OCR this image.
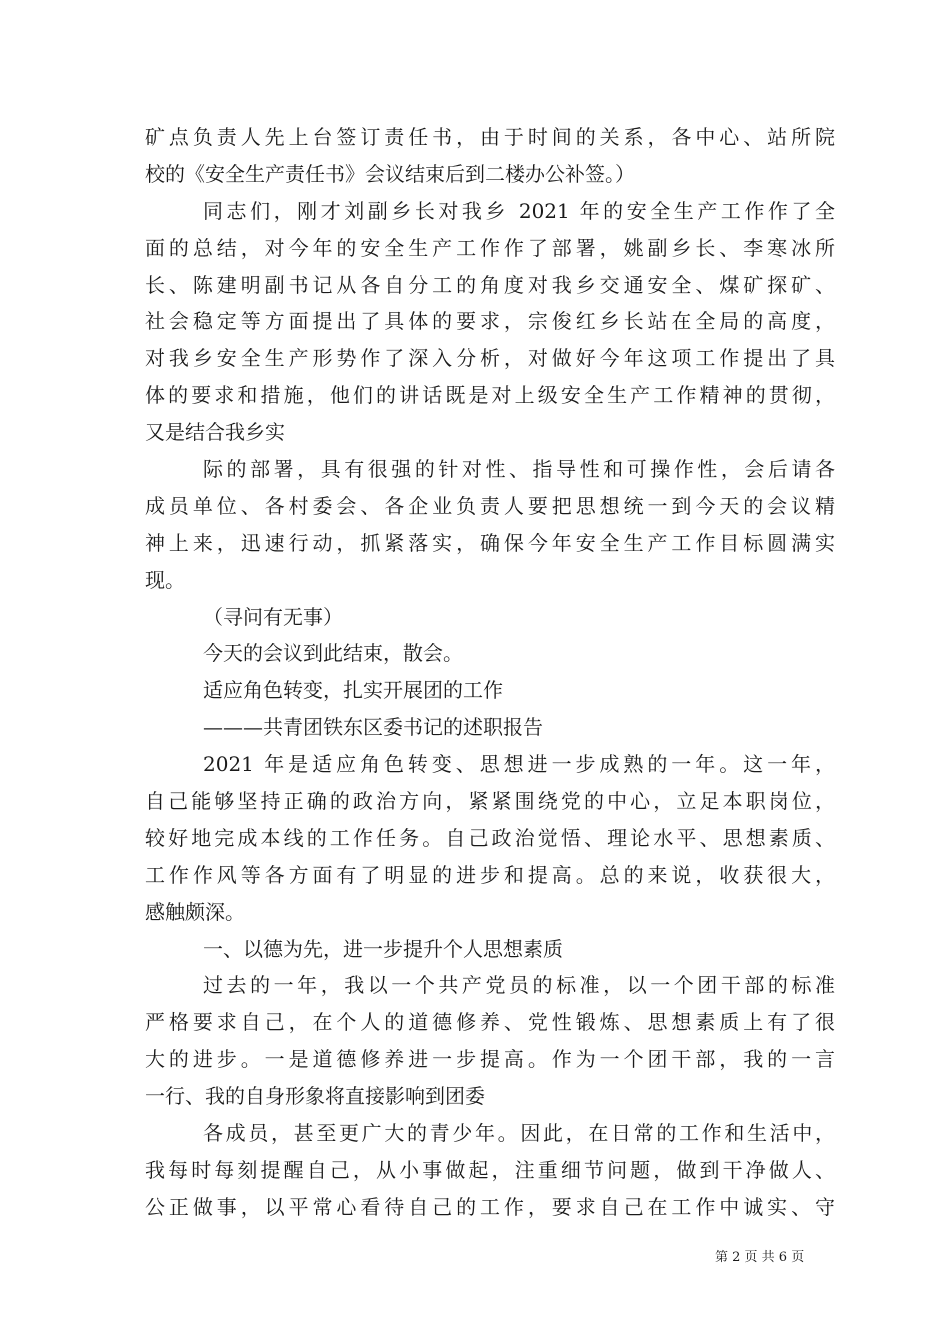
矿点负责人先上台签订责任书，由于时间的关系，各中心、站所院
校的《安全生产责任书》会议结束后到二楼办公补签。）
同志们，刚才刘副乡长对我乡 2021 年的安全生产工作作了全
面的总结，对今年的安全生产工作作了部署，姚副乡长、李寒冰所
长、陈建明副书记从各自分工的角度对我乡交通安全、煤矿探矿、
社会稳定等方面提出了具体的要求，宗俊红乡长站在全局的高度，
对我乡安全生产形势作了深入分析，对做好今年这项工作提出了具
体的要求和措施，他们的讲话既是对上级安全生产工作精神的贯彻，
又是结合我乡实
际的部署，具有很强的针对性、指导性和可操作性，会后请各
成员单位、各村委会、各企业负责人要把思想统一到今天的会议精
神上来，迅速行动，抓紧落实，确保今年安全生产工作目标圆满实
现。
（寻问有无事）
今天的会议到此结束，散会。
适应角色转变，扎实开展团的工作
———共青团铁东区委书记的述职报告
2021 年是适应角色转变、思想进一步成熟的一年。这一年，
自己能够坚持正确的政治方向，紧紧围绕党的中心，立足本职岗位，
较好地完成本线的工作任务。自己政治觉悟、理论水平、思想素质、
工作作风等各方面有了明显的进步和提高。总的来说，收获很大，
感触颇深。
一、以德为先，进一步提升个人思想素质
过去的一年，我以一个共产党员的标准，以一个团干部的标准
严格要求自己，在个人的道德修养、党性锻炼、思想素质上有了很
大的进步。一是道德修养进一步提高。作为一个团干部，我的一言
一行、我的自身形象将直接影响到团委
各成员，甚至更广大的青少年。因此，在日常的工作和生活中，
我每时每刻提醒自己，从小事做起，注重细节问题，做到干净做人、
公正做事，以平常心看待自己的工作，要求自己在工作中诚实、守
第 2 页 共 6 页
